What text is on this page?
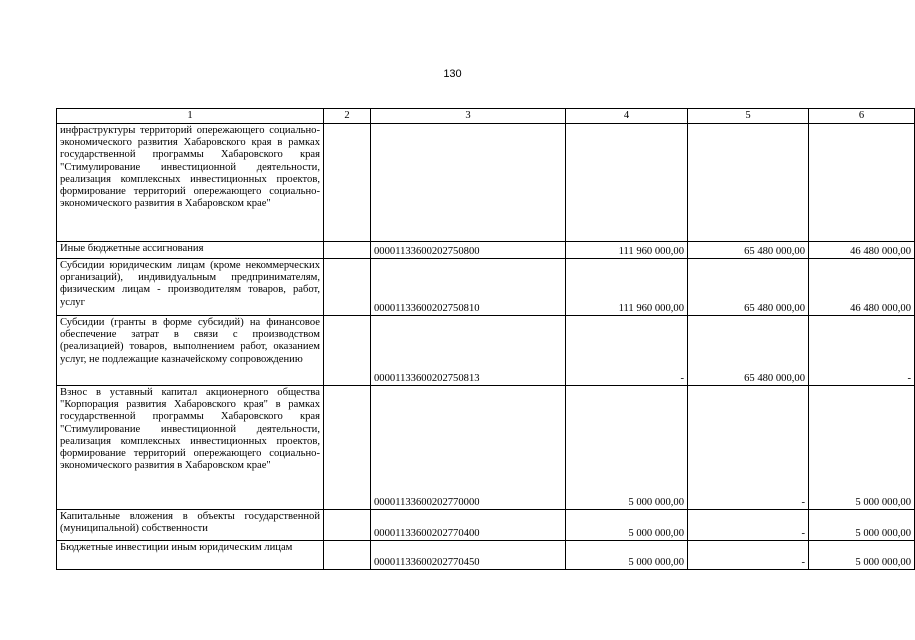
130
1	2	3	4	5	6
инфраструктуры территорий опережающего социально-экономического развития Хабаровского края в рамках государственной программы Хабаровского края "Стимулирование инвестиционной деятельности, реализация комплексных инвестиционных проектов, формирование территорий опережающего социально-экономического развития в Хабаровском крае"					
Иные бюджетные ассигнования		00001133600202750800	111 960 000,00	65 480 000,00	46 480 000,00
Субсидии юридическим лицам (кроме некоммерческих организаций), индивидуальным предпринимателям, физическим лицам - производителям товаров, работ, услуг		00001133600202750810	111 960 000,00	65 480 000,00	46 480 000,00
Субсидии (гранты в форме субсидий) на финансовое обеспечение затрат в связи с производством (реализацией) товаров, выполнением работ, оказанием услуг, не подлежащие казначейскому сопровождению		00001133600202750813	-	65 480 000,00	-
Взнос в уставный капитал акционерного общества "Корпорация развития Хабаровского края" в рамках государственной программы Хабаровского края "Стимулирование инвестиционной деятельности, реализация комплексных инвестиционных проектов, формирование территорий опережающего социально-экономического развития в Хабаровском крае"		00001133600202770000	5 000 000,00	-	5 000 000,00
Капитальные вложения в объекты государственной (муниципальной) собственности		00001133600202770400	5 000 000,00	-	5 000 000,00
Бюджетные инвестиции иным юридическим лицам		00001133600202770450	5 000 000,00	-	5 000 000,00
